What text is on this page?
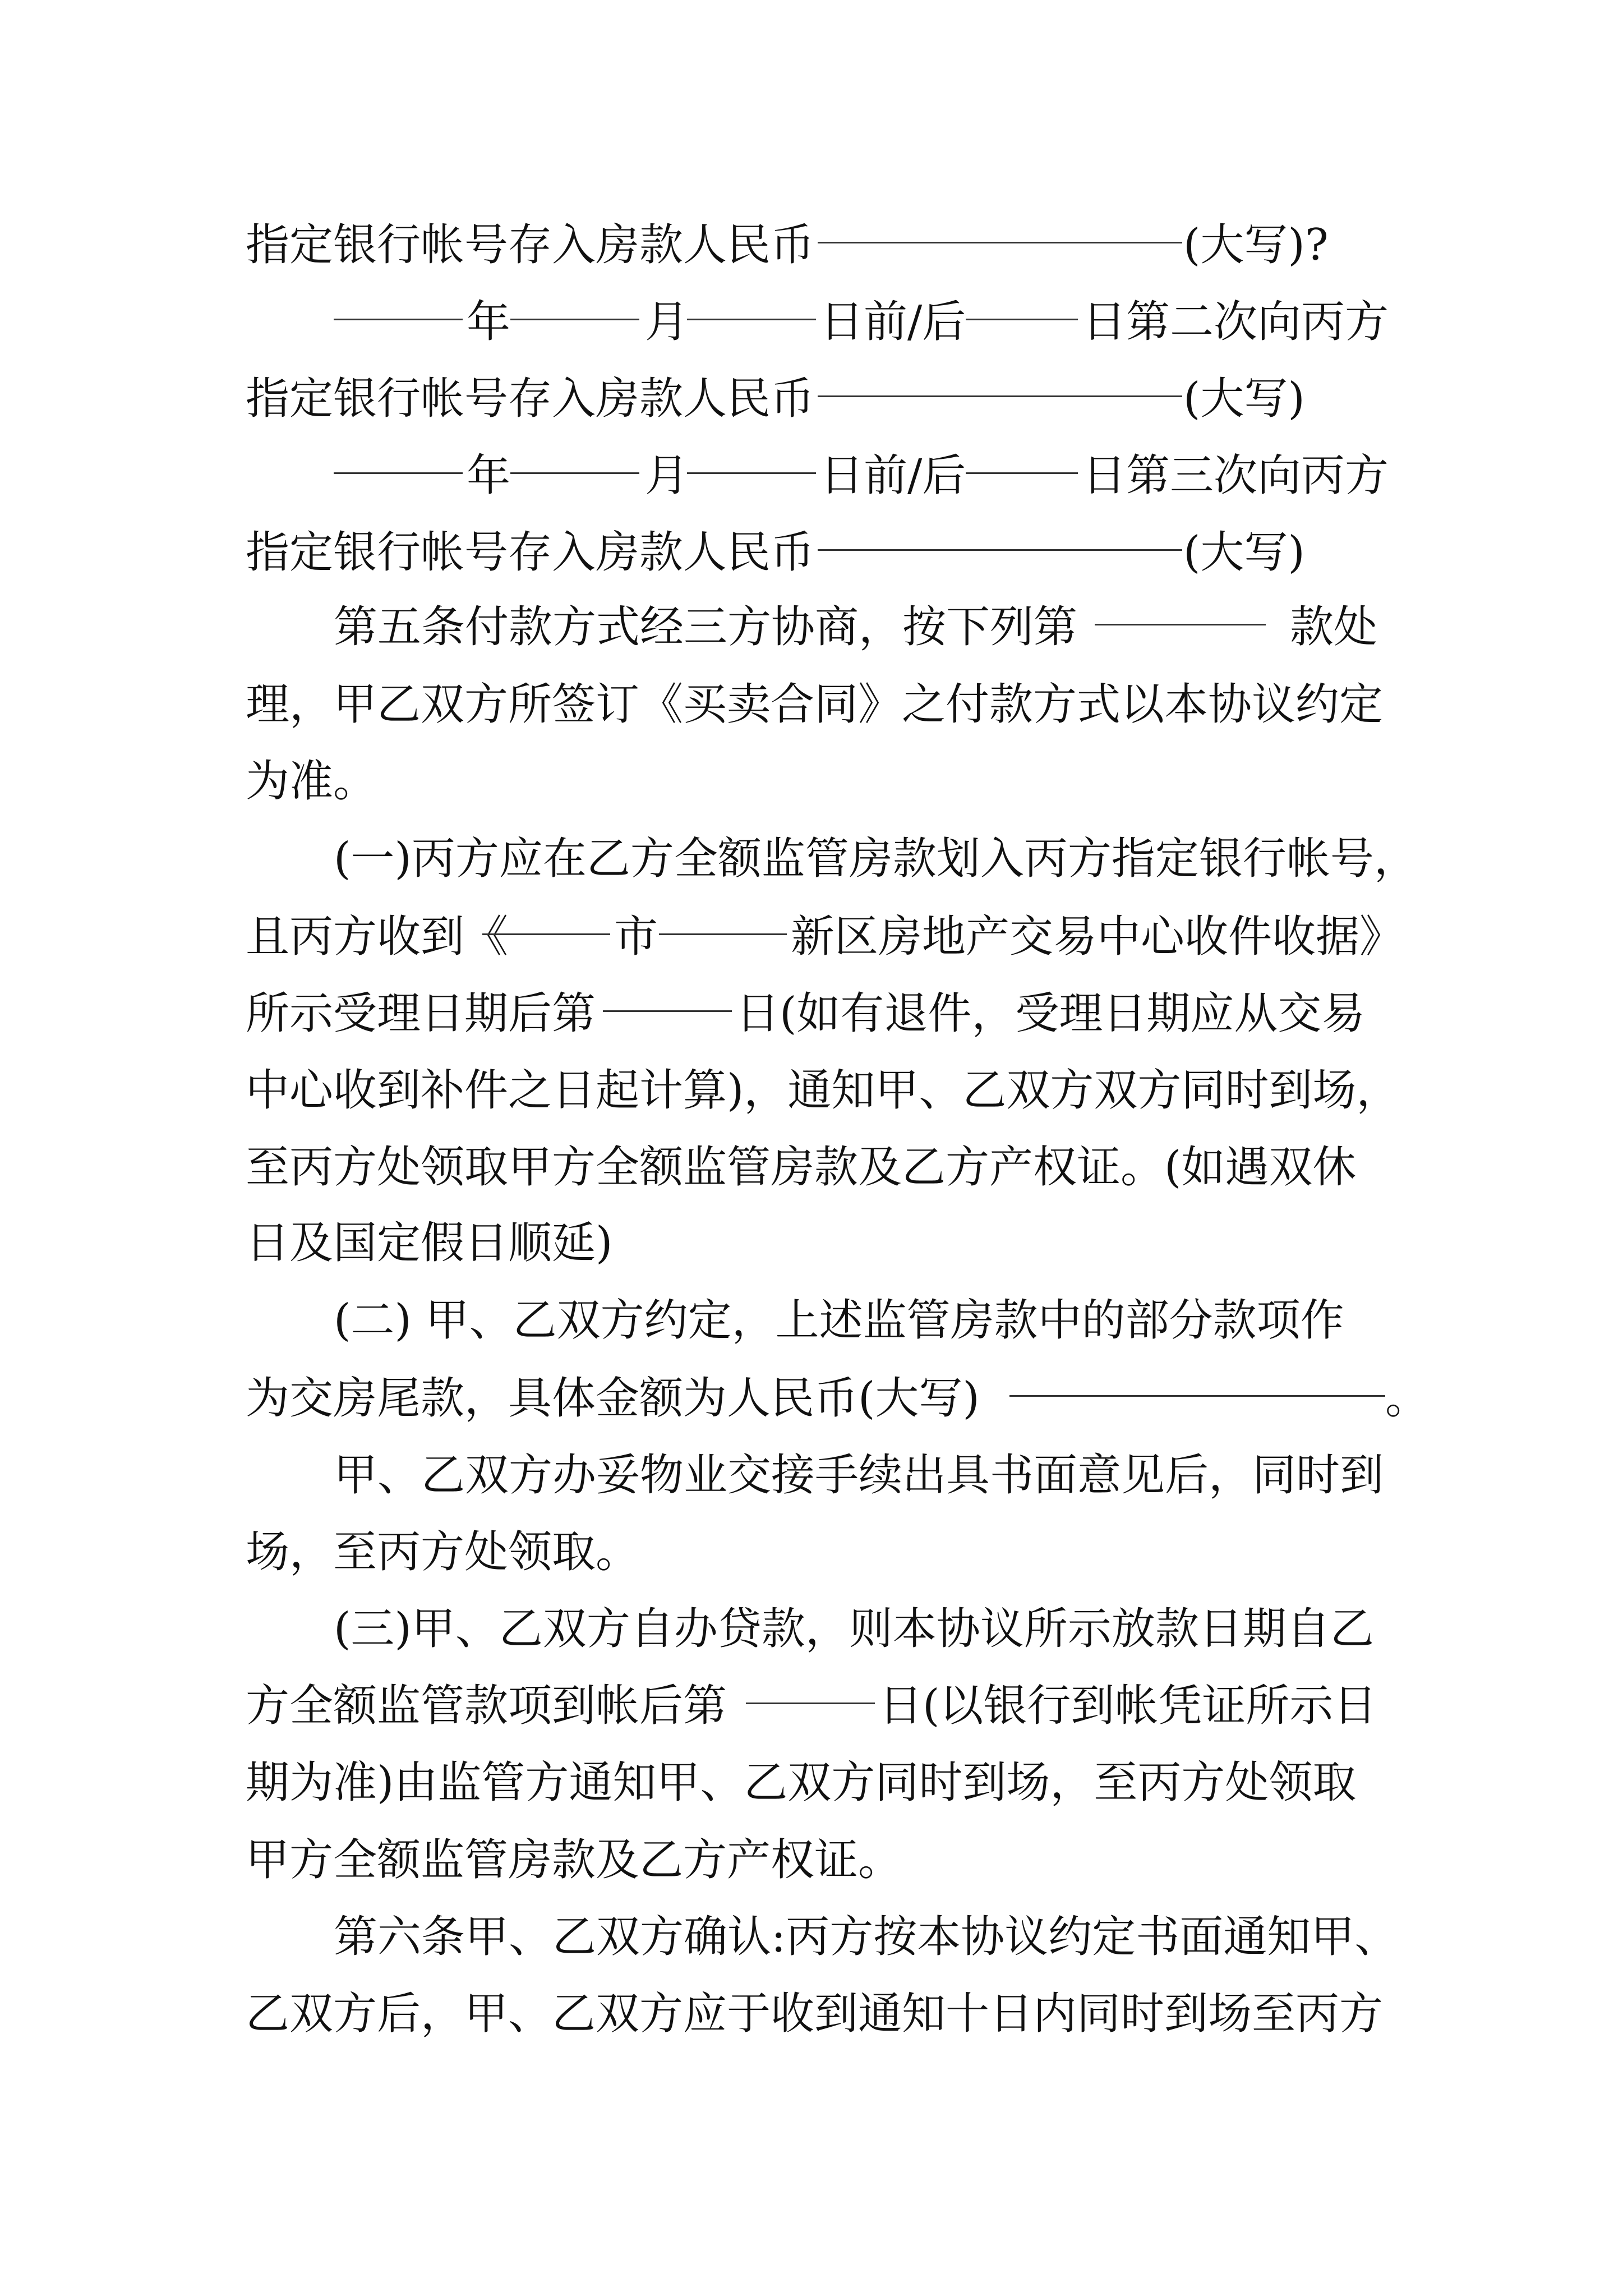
指定银行帐号存入房款人民币	(大写)?
年	月	日前/后	日第二次向丙方
指定银行帐号存入房款人民币	(大写)
年	月	日前/后	日第三次向丙方
指定银行帐号存入房款人民币	(大写)
第五条付款方式经三方协商，按下列第	款处
理，甲乙双方所签订《买卖合同》之付款方式以本协议约定
为准。
(一)丙方应在乙方全额监管房款划入丙方指定银行帐号，
且丙方收到《 市	新区房地产交易中心收件收据》
所示受理日期后第	日(如有退件，受理日期应从交易
中心收到补件之日起计算)，通知甲、乙双方双方同时到场，
至丙方处领取甲方全额监管房款及乙方产权证。(如遇双休
日及国定假日顺延)
(二) 甲、乙双方约定，上述监管房款中的部分款项作
为交房尾款，具体金额为人民币(大写)	。
甲、乙双方办妥物业交接手续出具书面意见后，同时到
场，至丙方处领取。
(三)甲、乙双方自办贷款，则本协议所示放款日期自乙
方全额监管款项到帐后第	日(以银行到帐凭证所示日
期为准)由监管方通知甲、乙双方同时到场，至丙方处领取
甲方全额监管房款及乙方产权证。
第六条甲、乙双方确认:丙方按本协议约定书面通知甲、
乙双方后，甲、乙双方应于收到通知十日内同时到场至丙方
